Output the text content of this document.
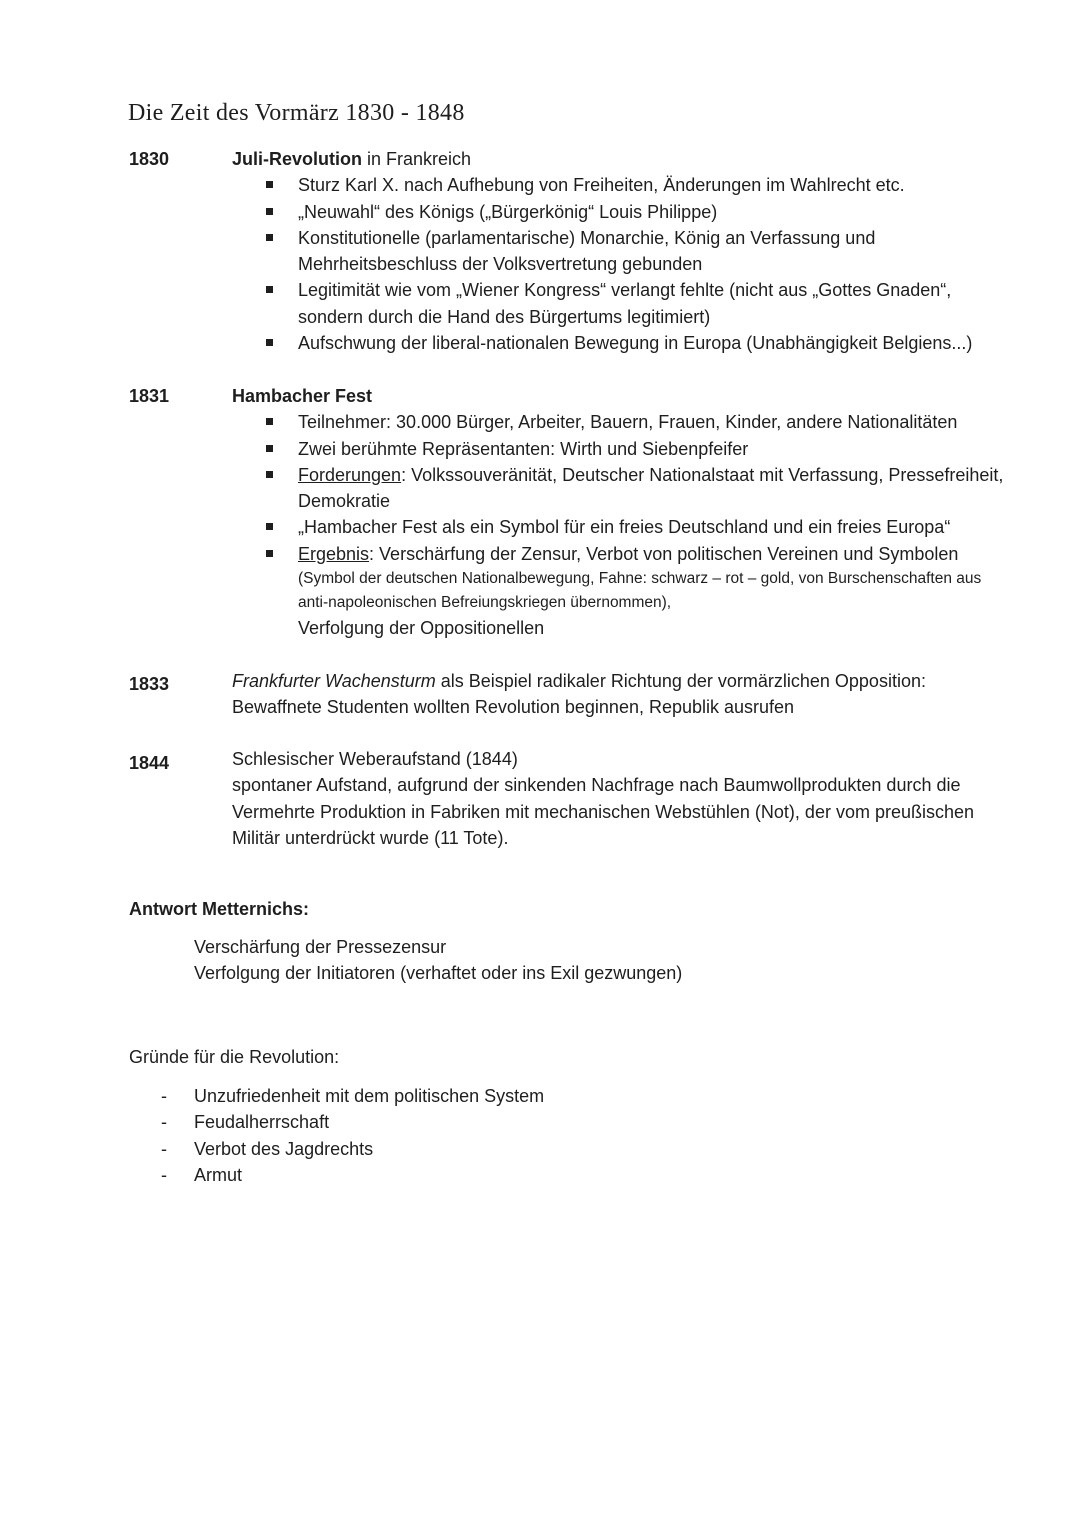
Die Zeit des Vormärz 1830 - 1848
1830	Juli-Revolution in Frankreich
Sturz Karl X. nach Aufhebung von Freiheiten, Änderungen im Wahlrecht etc.
„Neuwahl“ des Königs („Bürgerkönig“ Louis Philippe)
Konstitutionelle (parlamentarische) Monarchie, König an Verfassung und Mehrheitsbeschluss der Volksvertretung gebunden
Legitimität wie vom „Wiener Kongress“ verlangt fehlte (nicht aus „Gottes Gnaden“, sondern durch die Hand des Bürgertums legitimiert)
Aufschwung der liberal-nationalen Bewegung in Europa (Unabhängigkeit Belgiens...)
1831	Hambacher Fest
Teilnehmer: 30.000 Bürger, Arbeiter, Bauern, Frauen, Kinder, andere Nationalitäten
Zwei berühmte Repräsentanten: Wirth und Siebenpfeifer
Forderungen: Volkssouveränität, Deutscher Nationalstaat mit Verfassung, Pressefreiheit, Demokratie
„Hambacher Fest als ein Symbol für ein freies Deutschland und ein freies Europa“
Ergebnis: Verschärfung der Zensur, Verbot von politischen Vereinen und Symbolen
(Symbol der deutschen Nationalbewegung, Fahne: schwarz – rot – gold, von Burschenschaften aus anti-napoleonischen Befreiungskriegen übernommen),
Verfolgung der Oppositionellen
1833	Frankfurter Wachensturm als Beispiel radikaler Richtung der vormärzlichen Opposition: Bewaffnete Studenten wollten Revolution beginnen, Republik ausrufen
1844	Schlesischer Weberaufstand (1844)
spontaner Aufstand, aufgrund der sinkenden Nachfrage nach Baumwollprodukten durch die Vermehrte Produktion in Fabriken mit mechanischen Webstühlen (Not), der vom preußischen Militär unterdrückt wurde (11 Tote).
Antwort Metternichs:
Verschärfung der Pressezensur
Verfolgung der Initiatoren (verhaftet oder ins Exil gezwungen)
Gründe für die Revolution:
- Unzufriedenheit mit dem politischen System
- Feudalherrschaft
- Verbot des Jagdrechts
- Armut
